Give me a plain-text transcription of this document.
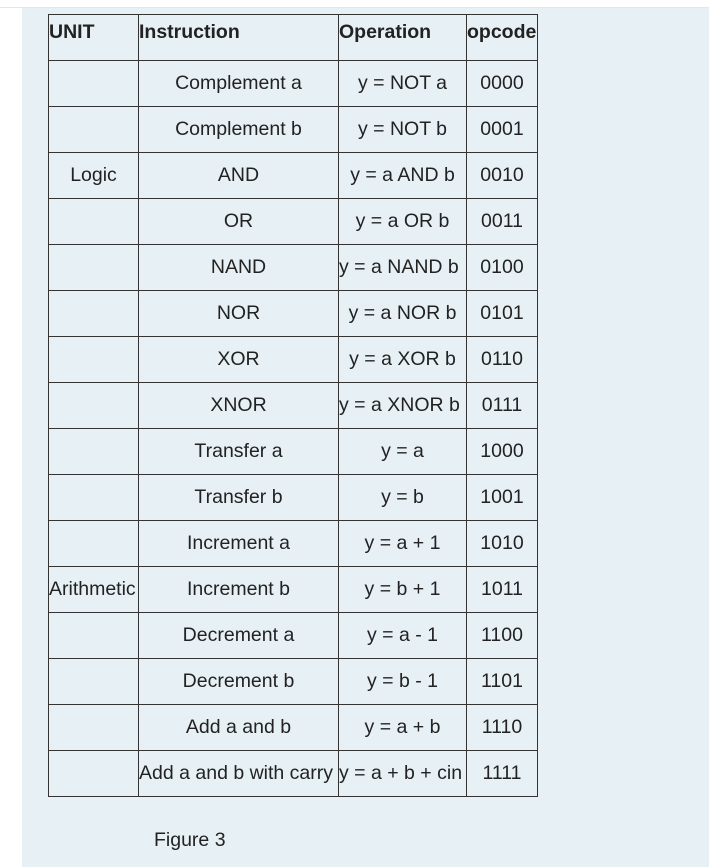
UNIT	Instruction	Operation	opcode
	Complement a	y = NOT a	0000
	Complement b	y = NOT b	0001
Logic	AND	y = a AND b	0010
	OR	y = a OR b	0011
	NAND	y = a NAND b	0100
	NOR	y = a NOR b	0101
	XOR	y = a XOR b	0110
	XNOR	y = a XNOR b	0111
	Transfer a	y = a	1000
	Transfer b	y = b	1001
	Increment a	y = a + 1	1010
Arithmetic	Increment b	y = b + 1	1011
	Decrement a	y = a - 1	1100
	Decrement b	y = b - 1	1101
	Add a and b	y = a + b	1110
	Add a and b with carry	y = a + b + cin	1111
Figure 3
